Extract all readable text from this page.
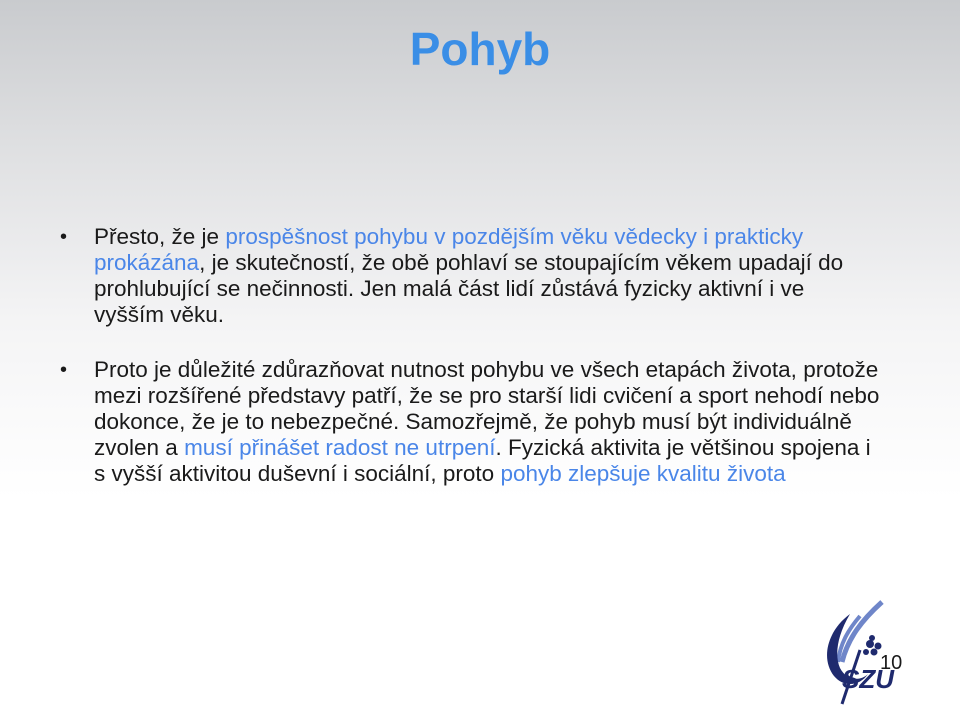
Pohyb
• Přesto, že je prospěšnost pohybu v pozdějším věku vědecky i prakticky prokázána, je skutečností, že obě pohlaví se stoupajícím věkem upadají do prohlubující se nečinnosti. Jen malá část lidí zůstává fyzicky aktivní i ve vyšším věku.
• Proto je důležité zdůrazňovat nutnost pohybu ve všech etapách života, protože mezi rozšířené představy patří, že se pro starší lidi cvičení a sport nehodí nebo dokonce, že je to nebezpečné. Samozřejmě, že pohyb musí být individuálně zvolen a musí přinášet radost ne utrpení. Fyzická aktivita je většinou spojena i s vyšší aktivitou duševní i sociální, proto pohyb zlepšuje kvalitu života
SZU
10
